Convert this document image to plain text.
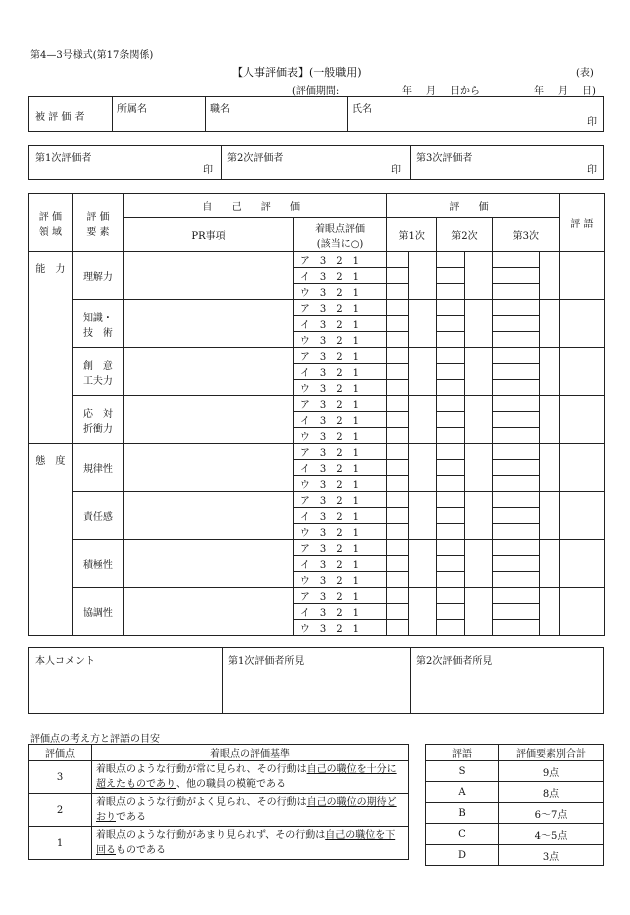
第4—3号様式(第17条関係)
【人事評価表】(一般職用)	(表)
(評価期間:	年 月 日から	年 月 日)
被 評 価 者
所属名	職名	氏名
印
第1次評価者
印
第2次評価者
印
第3次評価者
印
評 価
領 域	評 価
要 素	自 己 評 価		評 価						評 語
		PR事項	着眼点評価
(該当に○)	第1次		第2次		第3次		
能　力	理解力		ア　3　2　1							
			イ　3　2　1							
			ウ　3　2　1							
	知識・
技　術		ア　3　2　1							
			イ　3　2　1							
			ウ　3　2　1							
	創　意
工夫力		ア　3　2　1							
			イ　3　2　1							
			ウ　3　2　1							
	応　対
折衝力		ア　3　2　1							
			イ　3　2　1							
			ウ　3　2　1							
態　度	規律性		ア　3　2　1							
			イ　3　2　1							
			ウ　3　2　1							
	責任感		ア　3　2　1							
			イ　3　2　1							
			ウ　3　2　1							
	積極性		ア　3　2　1							
			イ　3　2　1							
			ウ　3　2　1							
	協調性		ア　3　2　1							
			イ　3　2　1							
			ウ　3　2　1							
本人コメント	第1次評価者所見	第2次評価者所見
評価点の考え方と評語の目安
評価点	着眼点の評価基準
3	着眼点のような行動が常に見られ、その行動は自己の職位を十分に超えたものであり、他の職員の模範である
2	着眼点のような行動がよく見られ、その行動は自己の職位の期待どおりである
1	着眼点のような行動があまり見られず、その行動は自己の職位を下回るものである
評語	評価要素別合計
S	9点
A	8点
B	6～7点
C	4～5点
D	3点
